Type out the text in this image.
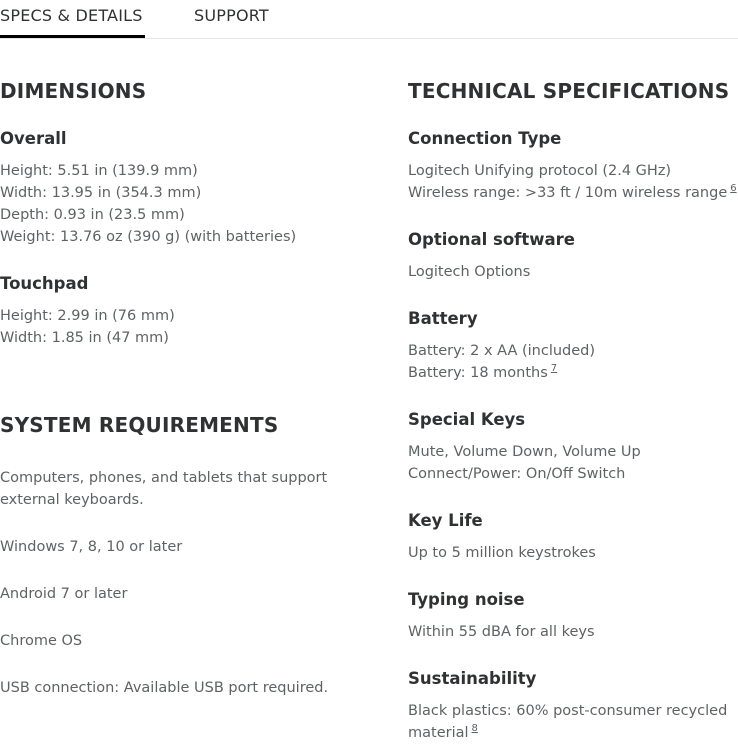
SPECS & DETAILS	SUPPORT
DIMENSIONS
Overall

Height: 5.51 in (139.9 mm)

Width: 13.95 in (354.3 mm)

Depth: 0.93 in (23.5 mm)

Weight: 13.76 oz (390 g) (with batteries)

Touchpad

Height: 2.99 in (76 mm)

Width: 1.85 in (47 mm)

SYSTEM REQUIREMENTS

Computers, phones, and tablets that support external keyboards.

Windows 7, 8, 10 or later

Android 7 or later

Chrome OS

USB connection: Available USB port required.

TECHNICAL SPECIFICATIONS
Connection Type

Logitech Unifying protocol (2.4 GHz)

Wireless range: >33 ft / 10m wireless range $^6$

Optional software

Logitech Options

Battery

Battery: 2 x AA (included)

Battery: 18 months $^7$

Special Keys

Mute, Volume Down, Volume Up

Connect/Power: On/Off Switch

Key Life

Up to 5 million keystrokes

Typing noise

Within 55 dBA for all keys

Sustainability

Black plastics: 60% post-consumer recycled material $^8$
